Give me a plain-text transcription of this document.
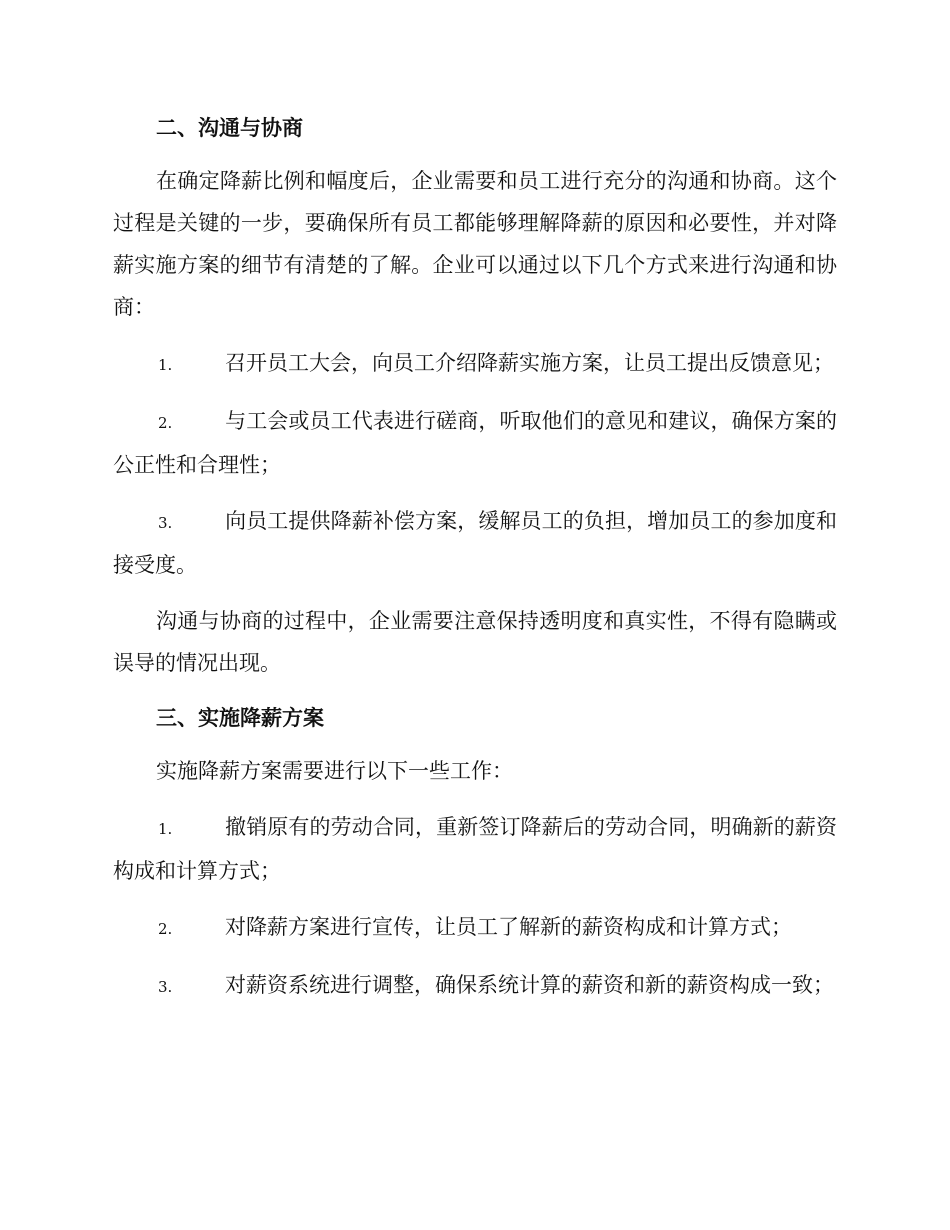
二、沟通与协商

在确定降薪比例和幅度后，企业需要和员工进行充分的沟通和协商。这个过程是关键的一步，要确保所有员工都能够理解降薪的原因和必要性，并对降薪实施方案的细节有清楚的了解。企业可以通过以下几个方式来进行沟通和协商：

1.	召开员工大会，向员工介绍降薪实施方案，让员工提出反馈意见；

2.	与工会或员工代表进行磋商，听取他们的意见和建议，确保方案的公正性和合理性；

3.	向员工提供降薪补偿方案，缓解员工的负担，增加员工的参加度和接受度。

沟通与协商的过程中，企业需要注意保持透明度和真实性，不得有隐瞒或误导的情况出现。

三、实施降薪方案

实施降薪方案需要进行以下一些工作：

1.	撤销原有的劳动合同，重新签订降薪后的劳动合同，明确新的薪资构成和计算方式；

2.	对降薪方案进行宣传，让员工了解新的薪资构成和计算方式；

3.	对薪资系统进行调整，确保系统计算的薪资和新的薪资构成一致；
